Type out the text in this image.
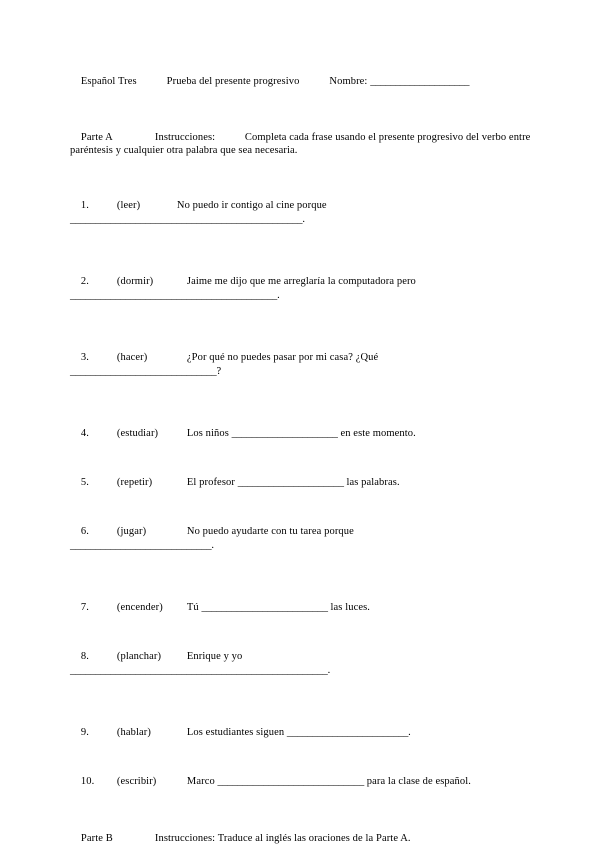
Español Tres	Prueba del presente progresivo	Nombre: ____________________

Parte A	Instrucciones:	Completa cada frase usando el presente progresivo del verbo entre paréntesis y cualquier otra palabra que sea necesaria.

1.	(leer)	No puedo ir contigo al cine porque
______________________________________________.

2.	(dormir)	Jaime me dijo que me arreglaría la computadora pero
_________________________________________.

3.	(hacer)	¿Por qué no puedes pasar por mi casa? ¿Qué
_____________________________?

4.	(estudiar)	Los niños _____________________ en este momento.

5.	(repetir)	El profesor _____________________ las palabras.

6.	(jugar)	No puedo ayudarte con tu tarea porque
____________________________.

7.	(encender) Tú _________________________ las luces.

8.	(planchar) Enrique y yo
___________________________________________________.

9.	(hablar)	Los estudiantes siguen ________________________.

10. (escribir)	Marco _____________________________ para la clase de español.

Parte B	Instrucciones: Traduce al inglés las oraciones de la Parte A.
